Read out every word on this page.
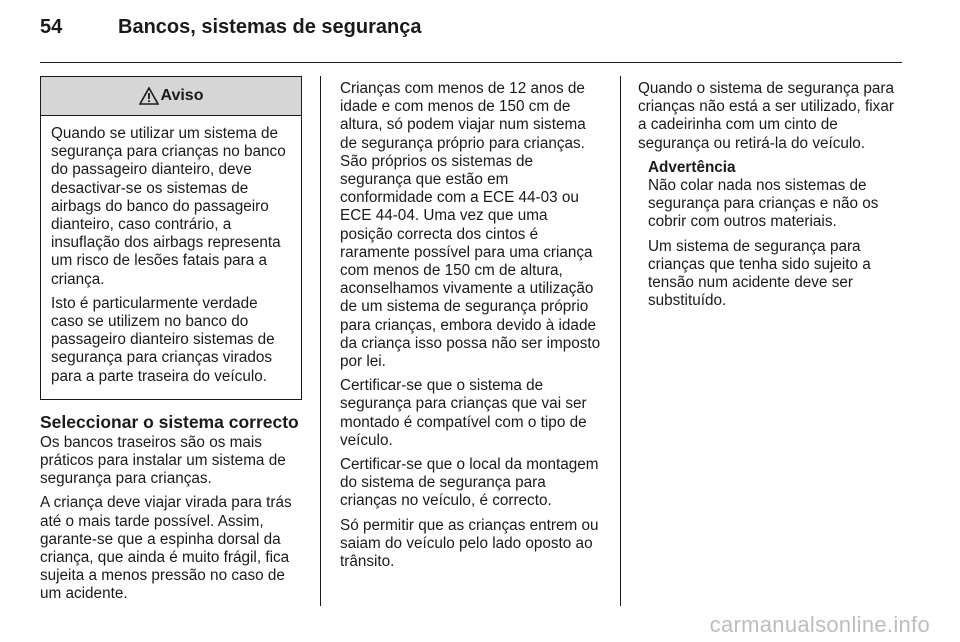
54	Bancos, sistemas de segurança
Aviso

Quando se utilizar um sistema de segurança para crianças no banco do passageiro dianteiro, deve desactivar-se os sistemas de airbags do banco do passageiro dianteiro, caso contrário, a insuflação dos airbags representa um risco de lesões fatais para a criança.

Isto é particularmente verdade caso se utilizem no banco do passageiro dianteiro sistemas de segurança para crianças virados para a parte traseira do veículo.

Seleccionar o sistema correcto

Os bancos traseiros são os mais práticos para instalar um sistema de segurança para crianças.

A criança deve viajar virada para trás até o mais tarde possível. Assim, garante-se que a espinha dorsal da criança, que ainda é muito frágil, fica sujeita a menos pressão no caso de um acidente.

Crianças com menos de 12 anos de idade e com menos de 150 cm de altura, só podem viajar num sistema de segurança próprio para crianças. São próprios os sistemas de segurança que estão em conformidade com a ECE 44-03 ou ECE 44-04. Uma vez que uma posição correcta dos cintos é raramente possível para uma criança com menos de 150 cm de altura, aconselhamos vivamente a utilização de um sistema de segurança próprio para crianças, embora devido à idade da criança isso possa não ser imposto por lei.

Certificar-se que o sistema de segurança para crianças que vai ser montado é compatível com o tipo de veículo.

Certificar-se que o local da montagem do sistema de segurança para crianças no veículo, é correcto.

Só permitir que as crianças entrem ou saiam do veículo pelo lado oposto ao trânsito.

Quando o sistema de segurança para crianças não está a ser utilizado, fixar a cadeirinha com um cinto de segurança ou retirá-la do veículo.

Advertência

Não colar nada nos sistemas de segurança para crianças e não os cobrir com outros materiais.

Um sistema de segurança para crianças que tenha sido sujeito a tensão num acidente deve ser substituído.

carmanualsonline.info
